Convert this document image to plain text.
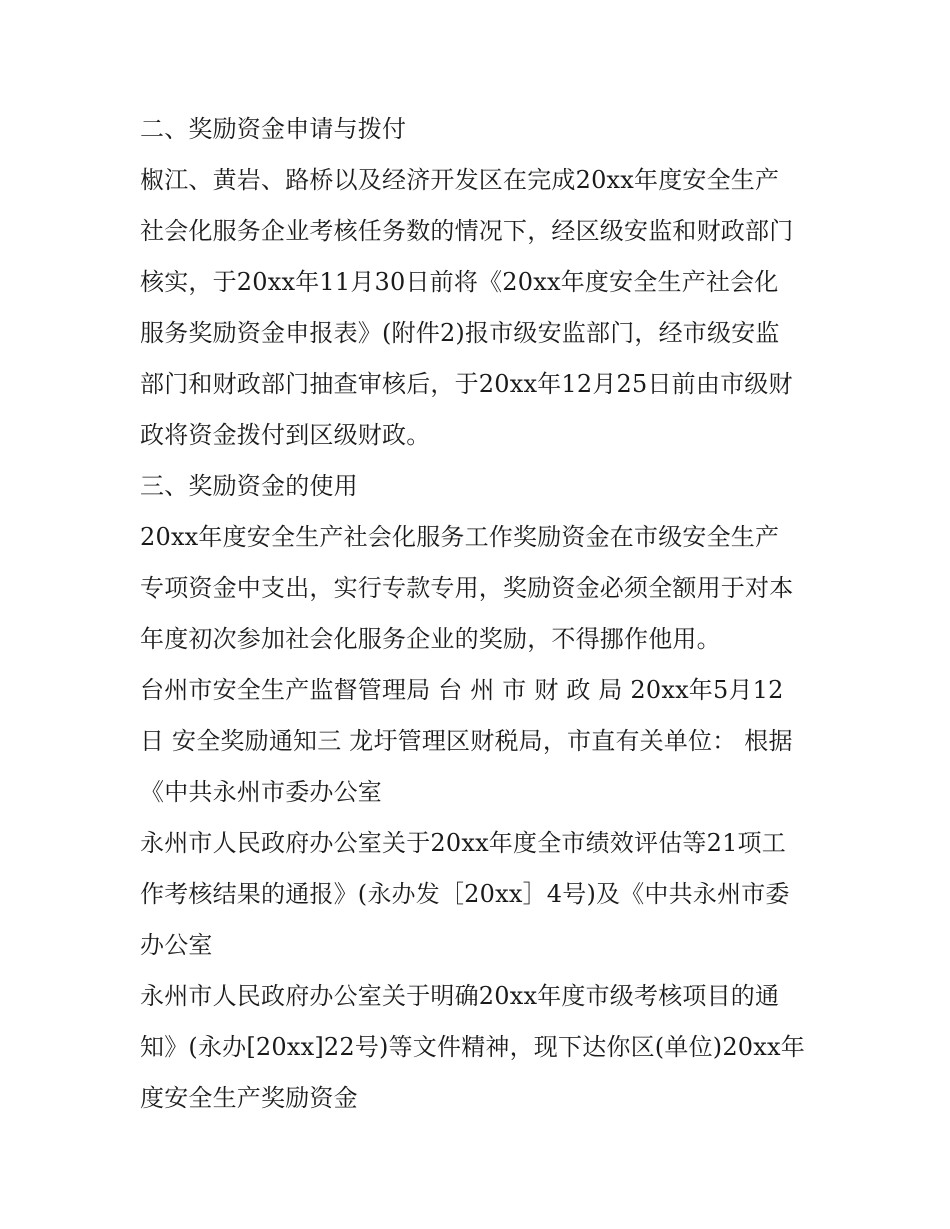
二、奖励资金申请与拨付
椒江、黄岩、路桥以及经济开发区在完成20xx年度安全生产
社会化服务企业考核任务数的情况下，经区级安监和财政部门
核实，于20xx年11月30日前将《20xx年度安全生产社会化
服务奖励资金申报表》(附件2)报市级安监部门，经市级安监
部门和财政部门抽查审核后，于20xx年12月25日前由市级财
政将资金拨付到区级财政。
三、奖励资金的使用
20xx年度安全生产社会化服务工作奖励资金在市级安全生产
专项资金中支出，实行专款专用，奖励资金必须全额用于对本
年度初次参加社会化服务企业的奖励，不得挪作他用。
台州市安全生产监督管理局 台 州 市 财 政 局 20xx年5月12
日 安全奖励通知三 龙圩管理区财税局，市直有关单位： 根据
《中共永州市委办公室
永州市人民政府办公室关于20xx年度全市绩效评估等21项工
作考核结果的通报》(永办发［20xx］4号)及《中共永州市委
办公室
永州市人民政府办公室关于明确20xx年度市级考核项目的通
知》(永办[20xx]22号)等文件精神，现下达你区(单位)20xx年
度安全生产奖励资金
